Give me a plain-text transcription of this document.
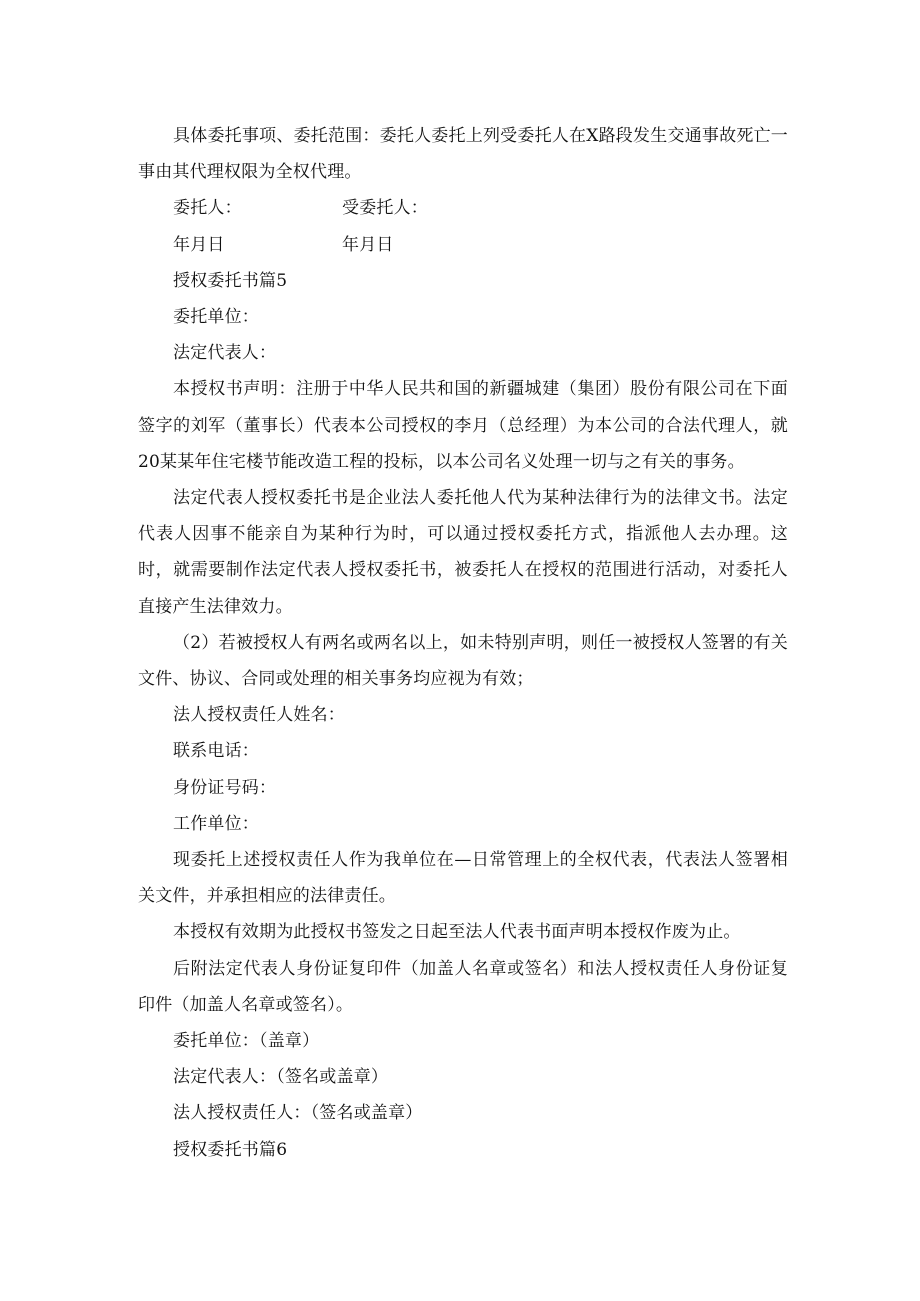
具体委托事项、委托范围：委托人委托上列受委托人在X路段发生交通事故死亡一事由其代理权限为全权代理。

委托人：	受委托人：

年月日	年月日

授权委托书篇5

委托单位：

法定代表人：

本授权书声明：注册于中华人民共和国的新疆城建（集团）股份有限公司在下面签字的刘军（董事长）代表本公司授权的李月（总经理）为本公司的合法代理人，就20某某年住宅楼节能改造工程的投标，以本公司名义处理一切与之有关的事务。

法定代表人授权委托书是企业法人委托他人代为某种法律行为的法律文书。法定代表人因事不能亲自为某种行为时，可以通过授权委托方式，指派他人去办理。这时，就需要制作法定代表人授权委托书，被委托人在授权的范围进行活动，对委托人直接产生法律效力。

（2）若被授权人有两名或两名以上，如未特别声明，则任一被授权人签署的有关文件、协议、合同或处理的相关事务均应视为有效；

法人授权责任人姓名：

联系电话：

身份证号码：

工作单位：

现委托上述授权责任人作为我单位在—日常管理上的全权代表，代表法人签署相关文件，并承担相应的法律责任。

本授权有效期为此授权书签发之日起至法人代表书面声明本授权作废为止。

后附法定代表人身份证复印件（加盖人名章或签名）和法人授权责任人身份证复印件（加盖人名章或签名）。

委托单位：（盖章）

法定代表人：（签名或盖章）

法人授权责任人：（签名或盖章）

授权委托书篇6
